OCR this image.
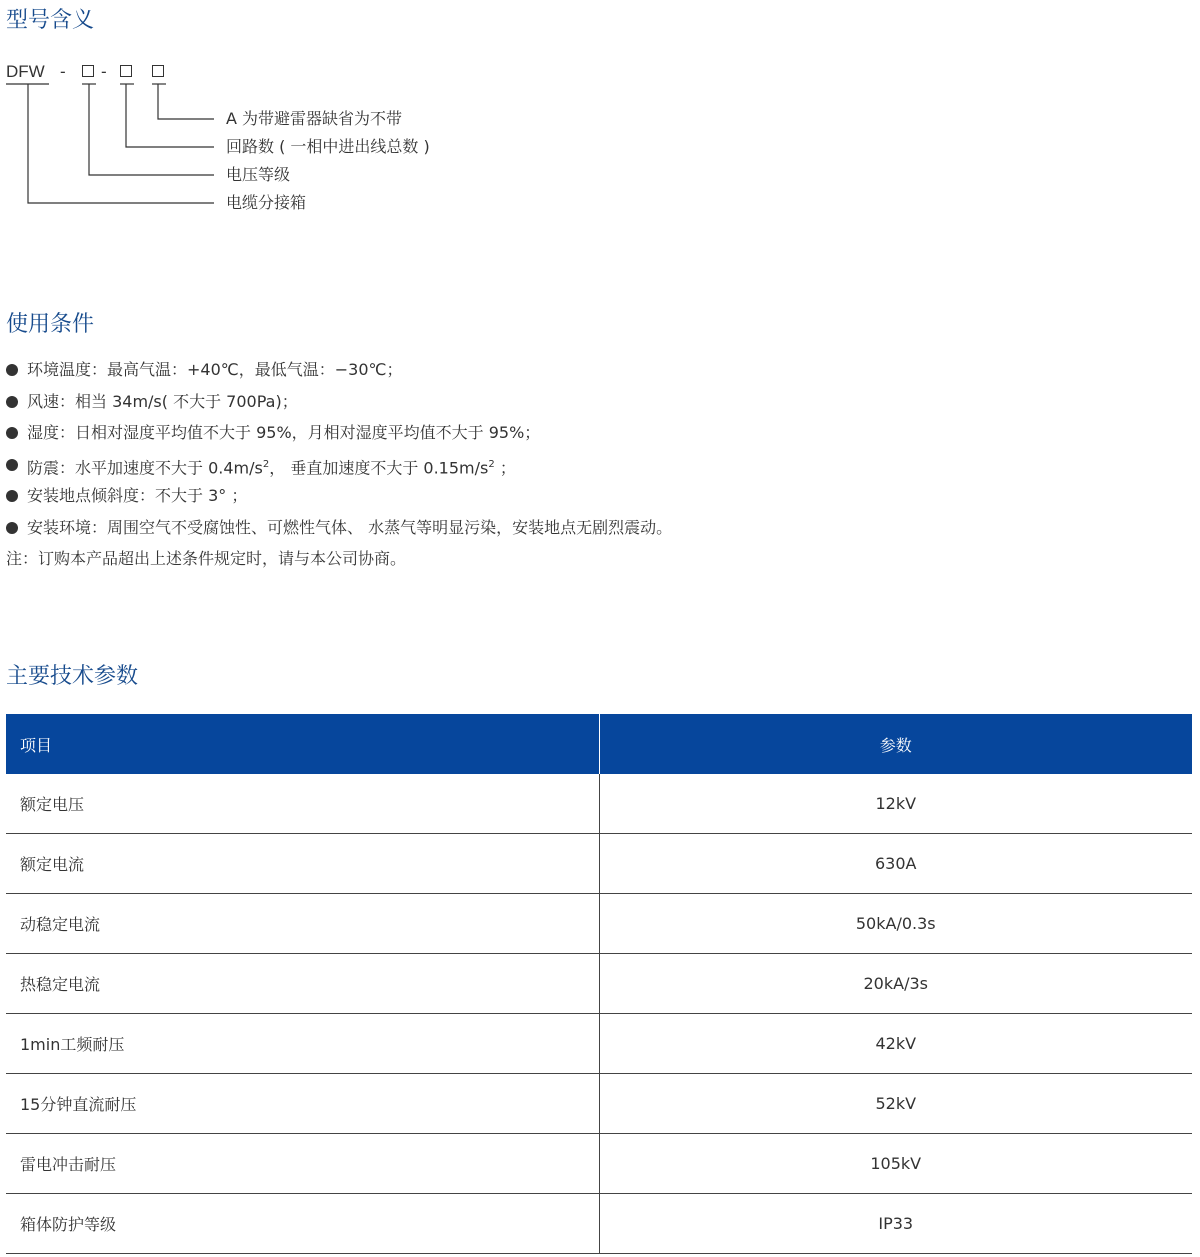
型号含义
DFW - -
A 为带避雷器缺省为不带
回路数 ( 一相中进出线总数 )
电压等级
电缆分接箱
使用条件
环境温度：最高气温：+40℃，最低气温：−30℃；
风速：相当 34m/s( 不大于 700Pa)；
湿度：日相对湿度平均值不大于 95%，月相对湿度平均值不大于 95%；
防震：水平加速度不大于 $0.4m/s^2$， 垂直加速度不大于 $0.15m/s^2$ ；
安装地点倾斜度：不大于 3° ；
安装环境：周围空气不受腐蚀性、可燃性气体、 水蒸气等明显污染，安装地点无剧烈震动。
注：订购本产品超出上述条件规定时，请与本公司协商。
主要技术参数
项目	参数
额定电压	12kV
额定电流	630A
动稳定电流	50kA/0.3s
热稳定电流	20kA/3s
1min工频耐压	42kV
15分钟直流耐压	52kV
雷电冲击耐压	105kV
箱体防护等级	IP33
